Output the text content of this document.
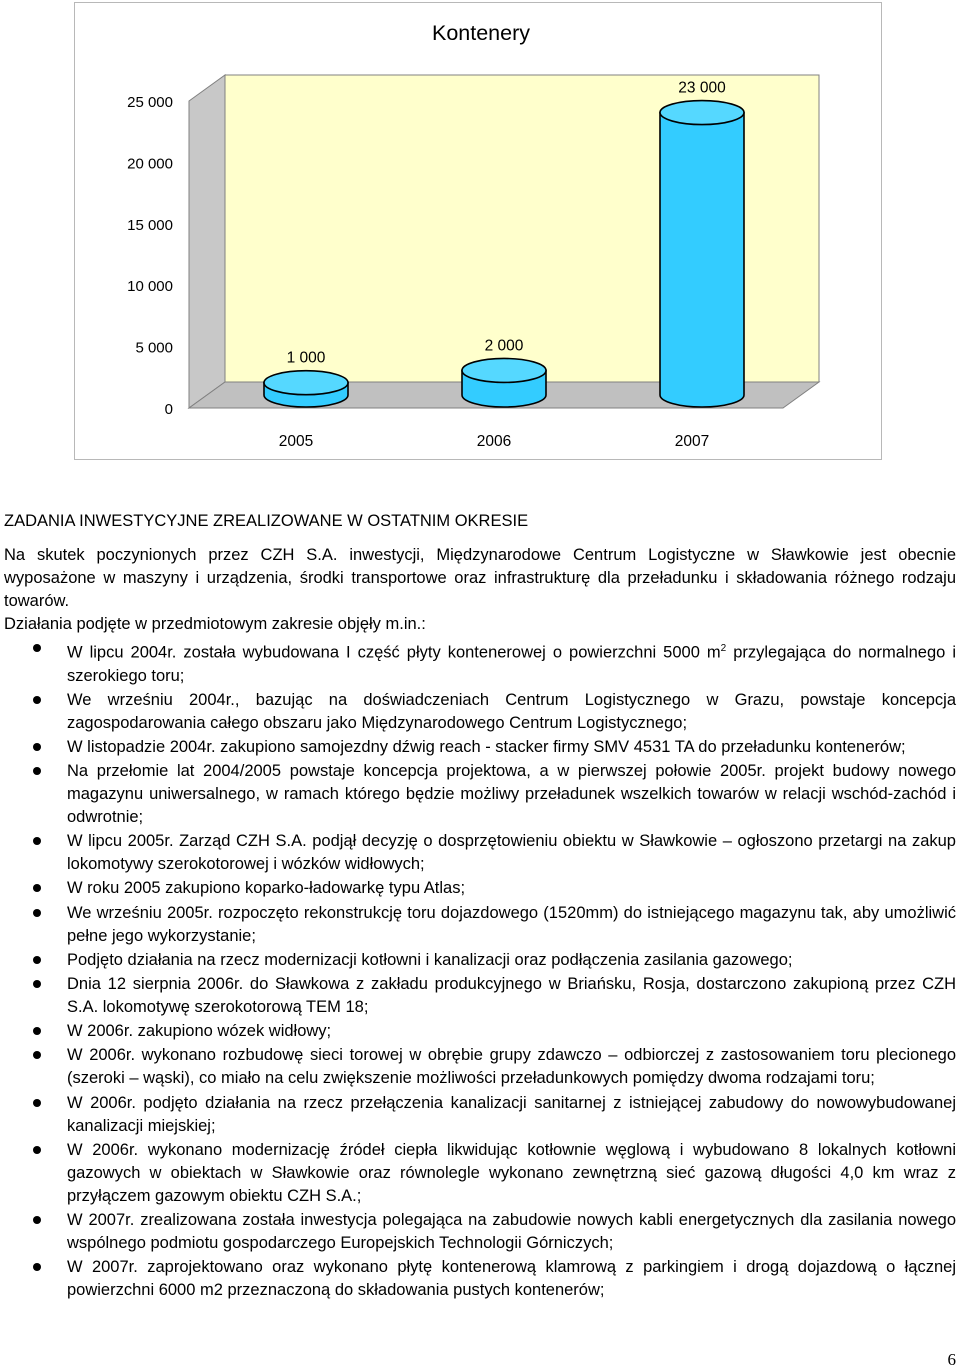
0
5 000
10 000
15 000
20 000
25 000
2005	2006	2007
1 000
2 000
23 000
Kontenery
ZADANIA INWESTYCYJNE ZREALIZOWANE W OSTATNIM OKRESIE

Na skutek poczynionych przez CZH S.A. inwestycji, Międzynarodowe Centrum Logistyczne w Sławkowie jest obecnie wyposażone w maszyny i urządzenia, środki transportowe oraz infrastrukturę dla przeładunku i składowania różnego rodzaju towarów.

Działania podjęte w przedmiotowym zakresie objęły m.in.:

W lipcu 2004r. została wybudowana I część płyty kontenerowej o powierzchni 5000 $m^2$ przylegająca do normalnego i szerokiego toru;
We wrześniu 2004r., bazując na doświadczeniach Centrum Logistycznego w Grazu, powstaje koncepcja zagospodarowania całego obszaru jako Międzynarodowego Centrum Logistycznego;
W listopadzie 2004r. zakupiono samojezdny dźwig reach - stacker firmy SMV 4531 TA do przeładunku kontenerów;
Na przełomie lat 2004/2005 powstaje koncepcja projektowa, a w pierwszej połowie 2005r. projekt budowy nowego magazynu uniwersalnego, w ramach którego będzie możliwy przeładunek wszelkich towarów w relacji wschód-zachód i odwrotnie;
W lipcu 2005r. Zarząd CZH S.A. podjął decyzję o dosprzętowieniu obiektu w Sławkowie – ogłoszono przetargi na zakup lokomotywy szerokotorowej i wózków widłowych;
W roku 2005 zakupiono koparko-ładowarkę typu Atlas;
We wrześniu 2005r. rozpoczęto rekonstrukcję toru dojazdowego (1520mm) do istniejącego magazynu tak, aby umożliwić pełne jego wykorzystanie;
Podjęto działania na rzecz modernizacji kotłowni i kanalizacji oraz podłączenia zasilania gazowego;
Dnia 12 sierpnia 2006r. do Sławkowa z zakładu produkcyjnego w Briańsku, Rosja, dostarczono zakupioną przez CZH S.A. lokomotywę szerokotorową TEM 18;
W 2006r. zakupiono wózek widłowy;
W 2006r. wykonano rozbudowę sieci torowej w obrębie grupy zdawczo – odbiorczej z zastosowaniem toru plecionego (szeroki – wąski), co miało na celu zwiększenie możliwości przeładunkowych pomiędzy dwoma rodzajami toru;
W 2006r. podjęto działania na rzecz przełączenia kanalizacji sanitarnej z istniejącej zabudowy do nowowybudowanej kanalizacji miejskiej;
W 2006r. wykonano modernizację źródeł ciepła likwidując kotłownie węglową i wybudowano 8 lokalnych kotłowni gazowych w obiektach w Sławkowie oraz równolegle wykonano zewnętrzną sieć gazową długości 4,0 km wraz z przyłączem gazowym obiektu CZH S.A.;
W 2007r. zrealizowana została inwestycja polegająca na zabudowie nowych kabli energetycznych dla zasilania nowego wspólnego podmiotu gospodarczego Europejskich Technologii Górniczych;
W 2007r. zaprojektowano oraz wykonano płytę kontenerową klamrową z parkingiem i drogą dojazdową o łącznej powierzchni 6000 m2 przeznaczoną do składowania pustych kontenerów;
6
